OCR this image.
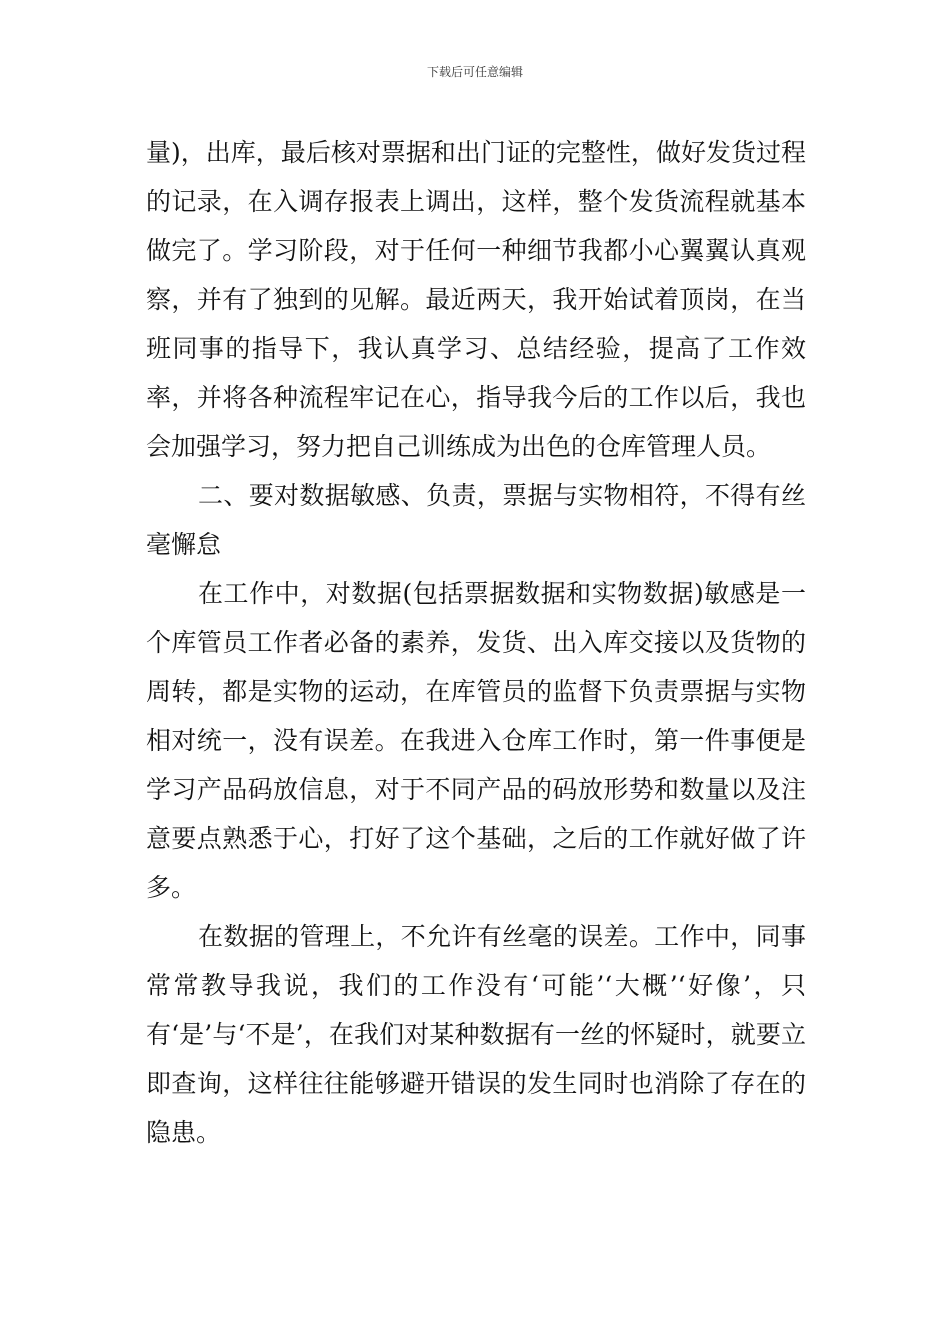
下载后可任意编辑

量)，出库，最后核对票据和出门证的完整性，做好发货过程的记录，在入调存报表上调出，这样，整个发货流程就基本做完了。学习阶段，对于任何一种细节我都小心翼翼认真观察，并有了独到的见解。最近两天，我开始试着顶岗，在当班同事的指导下，我认真学习、总结经验，提高了工作效率，并将各种流程牢记在心，指导我今后的工作以后，我也会加强学习，努力把自己训练成为出色的仓库管理人员。

二、要对数据敏感、负责，票据与实物相符，不得有丝毫懈怠

在工作中，对数据(包括票据数据和实物数据)敏感是一个库管员工作者必备的素养，发货、出入库交接以及货物的周转，都是实物的运动，在库管员的监督下负责票据与实物相对统一，没有误差。在我进入仓库工作时，第一件事便是学习产品码放信息，对于不同产品的码放形势和数量以及注意要点熟悉于心，打好了这个基础，之后的工作就好做了许多。

在数据的管理上，不允许有丝毫的误差。工作中，同事常常教导我说，我们的工作没有‘可能’‘大概’‘好像’，只有‘是’与‘不是’，在我们对某种数据有一丝的怀疑时，就要立即查询，这样往往能够避开错误的发生同时也消除了存在的隐患。
